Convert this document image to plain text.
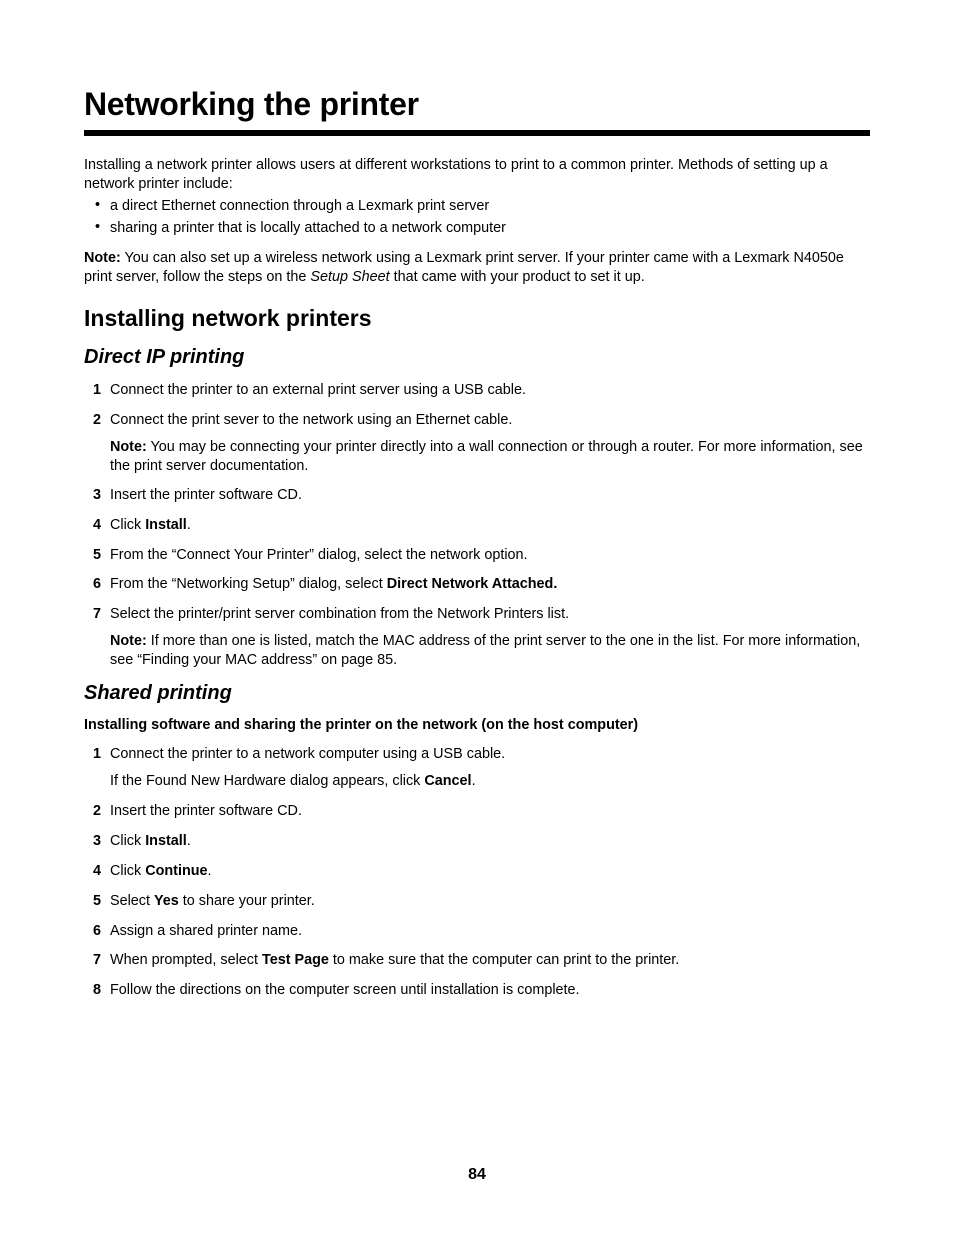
Networking the printer

Installing a network printer allows users at different workstations to print to a common printer. Methods of setting up a network printer include:

• a direct Ethernet connection through a Lexmark print server
• sharing a printer that is locally attached to a network computer

Note: You can also set up a wireless network using a Lexmark print server. If your printer came with a Lexmark N4050e print server, follow the steps on the Setup Sheet that came with your product to set it up.

Installing network printers
Direct IP printing
1 Connect the printer to an external print server using a USB cable.
2 Connect the print sever to the network using an Ethernet cable.
Note: You may be connecting your printer directly into a wall connection or through a router. For more information, see the print server documentation.
3 Insert the printer software CD.
4 Click Install.
5 From the “Connect Your Printer” dialog, select the network option.
6 From the “Networking Setup” dialog, select Direct Network Attached.
7 Select the printer/print server combination from the Network Printers list.
Note: If more than one is listed, match the MAC address of the print server to the one in the list. For more information, see “Finding your MAC address” on page 85.
Shared printing
Installing software and sharing the printer on the network (on the host computer)
1 Connect the printer to a network computer using a USB cable.
If the Found New Hardware dialog appears, click Cancel.
2 Insert the printer software CD.
3 Click Install.
4 Click Continue.
5 Select Yes to share your printer.
6 Assign a shared printer name.
7 When prompted, select Test Page to make sure that the computer can print to the printer.
8 Follow the directions on the computer screen until installation is complete.
84
